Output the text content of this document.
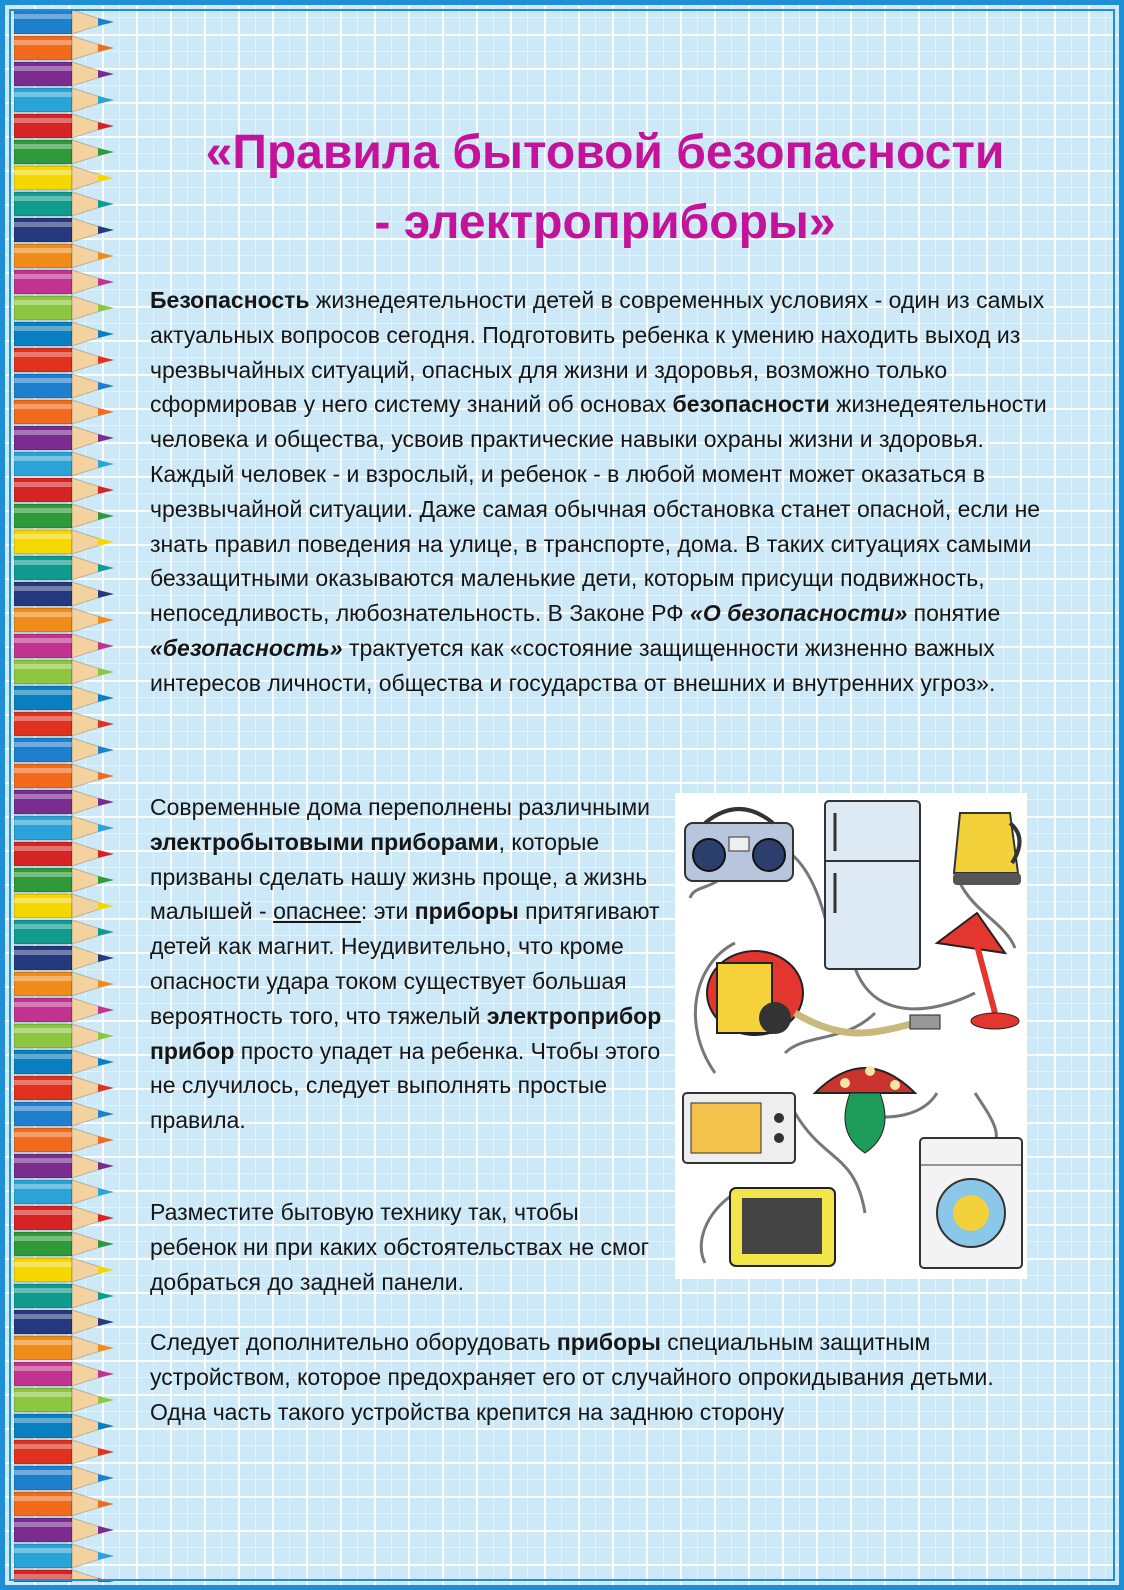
«Правила бытовой безопасности
- электроприборы»

Безопасность жизнедеятельности детей в современных условиях - один из самых актуальных вопросов сегодня. Подготовить ребенка к умению находить выход из чрезвычайных ситуаций, опасных для жизни и здоровья, возможно только сформировав у него систему знаний об основах безопасности жизнедеятельности человека и общества, усвоив практические навыки охраны жизни и здоровья. Каждый человек - и взрослый, и ребенок - в любой момент может оказаться в чрезвычайной ситуации. Даже самая обычная обстановка станет опасной, если не знать правил поведения на улице, в транспорте, дома. В таких ситуациях самыми беззащитными оказываются маленькие дети, которым присущи подвижность, непоседливость, любознательность. В Законе РФ «О безопасности» понятие «безопасность» трактуется как «состояние защищенности жизненно важных интересов личности, общества и государства от внешних и внутренних угроз».

Современные дома переполнены различными электробытовыми приборами, которые призваны сделать нашу жизнь проще, а жизнь малышей - опаснее: эти приборы притягивают детей как магнит. Неудивительно, что кроме опасности удара током существует большая вероятность того, что тяжелый электроприбор прибор просто упадет на ребенка. Чтобы этого не случилось, следует выполнять простые правила.

Разместите бытовую технику так, чтобы ребенок ни при каких обстоятельствах не смог добраться до задней панели.

Следует дополнительно оборудовать приборы специальным защитным устройством, которое предохраняет его от случайного опрокидывания детьми. Одна часть такого устройства крепится на заднюю сторону
